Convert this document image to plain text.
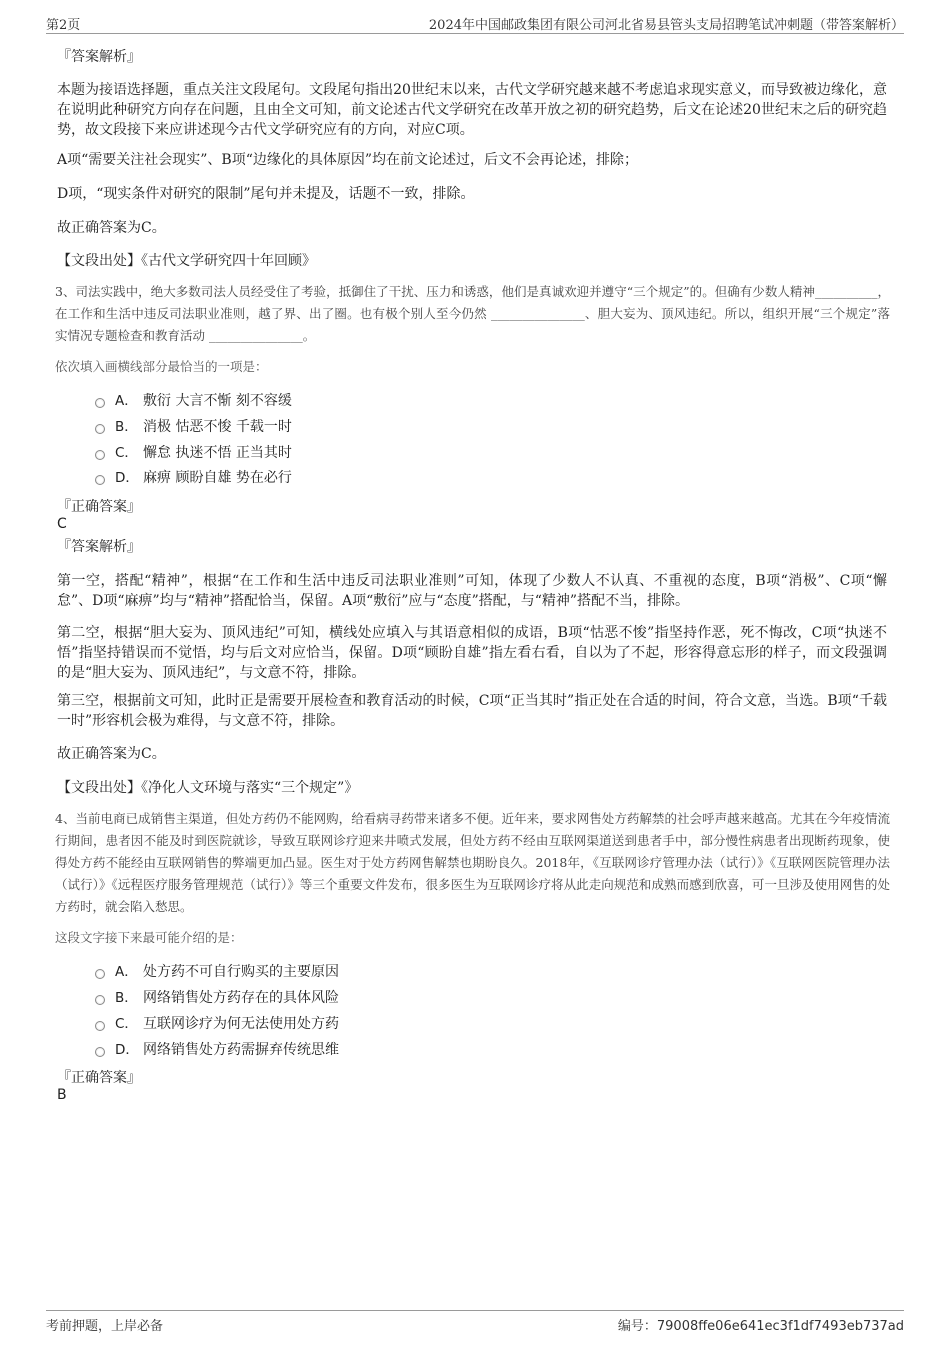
第2页	2024年中国邮政集团有限公司河北省易县管头支局招聘笔试冲刺题（带答案解析）
『答案解析』
本题为接语选择题，重点关注文段尾句。文段尾句指出20世纪末以来，古代文学研究越来越不考虑追求现实意义，而导致被边缘化，意在说明此种研究方向存在问题，且由全文可知，前文论述古代文学研究在改革开放之初的研究趋势，后文在论述20世纪末之后的研究趋势，故文段接下来应讲述现今古代文学研究应有的方向，对应C项。
A项“需要关注社会现实”、B项“边缘化的具体原因”均在前文论述过，后文不会再论述，排除；
D项，“现实条件对研究的限制”尾句并未提及，话题不一致，排除。
故正确答案为C。
【文段出处】《古代文学研究四十年回顾》
3、司法实践中，绝大多数司法人员经受住了考验，抵御住了干扰、压力和诱惑，他们是真诚欢迎并遵守“三个规定”的。但确有少数人精神__________，在工作和生活中违反司法职业准则，越了界、出了圈。也有极个别人至今仍然 _______________、胆大妄为、顶风违纪。所以，组织开展“三个规定”落实情况专题检查和教育活动 _______________。
依次填入画横线部分最恰当的一项是：
A． 敷衍 大言不惭 刻不容缓
B． 消极 怙恶不悛 千载一时
C． 懈怠 执迷不悟 正当其时
D． 麻痹 顾盼自雄 势在必行
『正确答案』
C
『答案解析』
第一空，搭配“精神”，根据“在工作和生活中违反司法职业准则”可知，体现了少数人不认真、不重视的态度，B项“消极”、C项“懈怠”、D项“麻痹”均与“精神”搭配恰当，保留。A项“敷衍”应与“态度”搭配，与“精神”搭配不当，排除。
第二空，根据“胆大妄为、顶风违纪”可知，横线处应填入与其语意相似的成语，B项“怙恶不悛”指坚持作恶，死不悔改，C项“执迷不悟”指坚持错误而不觉悟，均与后文对应恰当，保留。D项“顾盼自雄”指左看右看，自以为了不起，形容得意忘形的样子，而文段强调的是“胆大妄为、顶风违纪”，与文意不符，排除。
第三空，根据前文可知，此时正是需要开展检查和教育活动的时候，C项“正当其时”指正处在合适的时间，符合文意，当选。B项“千载一时”形容机会极为难得，与文意不符，排除。
故正确答案为C。
【文段出处】《净化人文环境与落实“三个规定”》
4、当前电商已成销售主渠道，但处方药仍不能网购，给看病寻药带来诸多不便。近年来，要求网售处方药解禁的社会呼声越来越高。尤其在今年疫情流行期间，患者因不能及时到医院就诊，导致互联网诊疗迎来井喷式发展，但处方药不经由互联网渠道送到患者手中，部分慢性病患者出现断药现象，使得处方药不能经由互联网销售的弊端更加凸显。医生对于处方药网售解禁也期盼良久。2018年，《互联网诊疗管理办法（试行）》《互联网医院管理办法（试行）》《远程医疗服务管理规范（试行）》等三个重要文件发布，很多医生为互联网诊疗将从此走向规范和成熟而感到欣喜，可一旦涉及使用网售的处方药时，就会陷入愁思。
这段文字接下来最可能介绍的是：
A． 处方药不可自行购买的主要原因
B． 网络销售处方药存在的具体风险
C． 互联网诊疗为何无法使用处方药
D． 网络销售处方药需摒弃传统思维
『正确答案』
B
考前押题，上岸必备	编号：79008ffe06e641ec3f1df7493eb737ad
